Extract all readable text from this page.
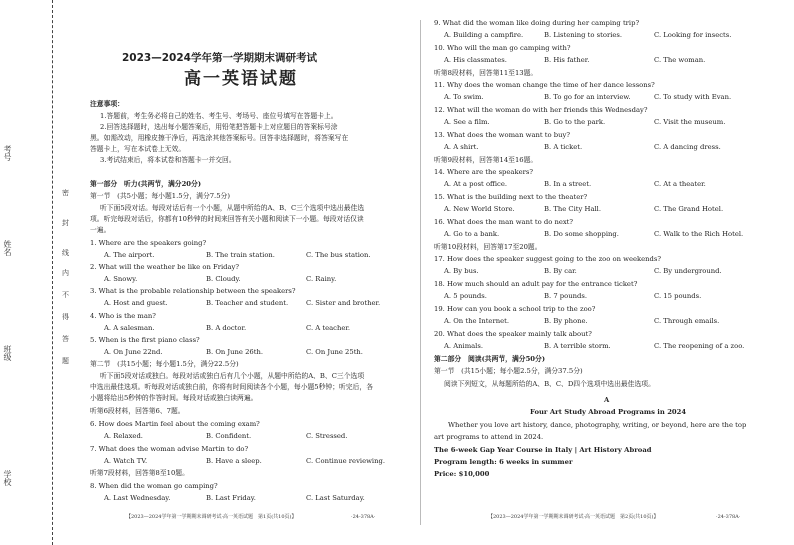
考号
姓名
班级
学校
密
封
线
内
不
得
答
题
2023—2024学年第一学期期末调研考试
高一英语试题
注意事项：
1.答题前，考生务必将自己的姓名、考生号、考场号、座位号填写在答题卡上。
2.回答选择题时，选出每小题答案后，用铅笔把答题卡上对应题目的答案标号涂
黑。如需改动，用橡皮擦干净后，再选涂其他答案标号。回答非选择题时，将答案写在
答题卡上，写在本试卷上无效。
3.考试结束后，将本试卷和答题卡一并交回。
第一部分　听力(共两节，满分20分)
第一节　(共5小题；每小题1.5分，满分7.5分)
听下面5段对话。每段对话后有一个小题，从题中所给的A、B、C三个选项中选出最佳选
项。听完每段对话后，你都有10秒钟的时间来回答有关小题和阅读下一小题。每段对话仅读
一遍。
1. Where are the speakers going?
A. The airport.	B. The train station.	C. The bus station.
2. What will the weather be like on Friday?
A. Snowy.	B. Cloudy.	C. Rainy.
3. What is the probable relationship between the speakers?
A. Host and guest.	B. Teacher and student.	C. Sister and brother.
4. Who is the man?
A. A salesman.	B. A doctor.	C. A teacher.
5. When is the first piano class?
A. On June 22nd.	B. On June 26th.	C. On June 25th.
第二节　(共15小题；每小题1.5分，满分22.5分)
听下面5段对话或独白。每段对话或独白后有几个小题，从题中所给的A、B、C三个选项
中选出最佳选项。听每段对话或独白前，你将有时间阅读各个小题，每小题5秒钟；听完后，各
小题将给出5秒钟的作答时间。每段对话或独白读两遍。
听第6段材料，回答第6、7题。
6. How does Martin feel about the coming exam?
A. Relaxed.	B. Confident.	C. Stressed.
7. What does the woman advise Martin to do?
A. Watch TV.	B. Have a sleep.	C. Continue reviewing.
听第7段材料，回答第8至10题。
8. When did the woman go camping?
A. Last Wednesday.	B. Last Friday.	C. Last Saturday.
【2023—2024学年第一学期期末调研考试·高一英语试题　第1页(共10页)】	·24-378A·
9. What did the woman like doing during her camping trip?
A. Building a campfire.	B. Listening to stories.	C. Looking for insects.
10. Who will the man go camping with?
A. His classmates.	B. His father.	C. The woman.
听第8段材料，回答第11至13题。
11. Why does the woman change the time of her dance lessons?
A. To swim.	B. To go for an interview.	C. To study with Evan.
12. What will the woman do with her friends this Wednesday?
A. See a film.	B. Go to the park.	C. Visit the museum.
13. What does the woman want to buy?
A. A shirt.	B. A ticket.	C. A dancing dress.
听第9段材料，回答第14至16题。
14. Where are the speakers?
A. At a post office.	B. In a street.	C. At a theater.
15. What is the building next to the theater?
A. New World Store.	B. The City Hall.	C. The Grand Hotel.
16. What does the man want to do next?
A. Go to a bank.	B. Do some shopping.	C. Walk to the Rich Hotel.
听第10段材料，回答第17至20题。
17. How does the speaker suggest going to the zoo on weekends?
A. By bus.	B. By car.	C. By underground.
18. How much should an adult pay for the entrance ticket?
A. 5 pounds.	B. 7 pounds.	C. 15 pounds.
19. How can you book a school trip to the zoo?
A. On the Internet.	B. By phone.	C. Through emails.
20. What does the speaker mainly talk about?
A. Animals.	B. A terrible storm.	C. The reopening of a zoo.
第二部分　阅读(共两节，满分50分)
第一节　(共15小题；每小题2.5分，满分37.5分)
阅读下列短文，从每题所给的A、B、C、D四个选项中选出最佳选项。
A
Four Art Study Abroad Programs in 2024
Whether you love art history, dance, photography, writing, or beyond, here are the top
art programs to attend in 2024.
The 6-week Gap Year Course in Italy | Art History Abroad
Program length: 6 weeks in summer
Price: $10,000
【2023—2024学年第一学期期末调研考试·高一英语试题　第2页(共10页)】	·24-378A·
